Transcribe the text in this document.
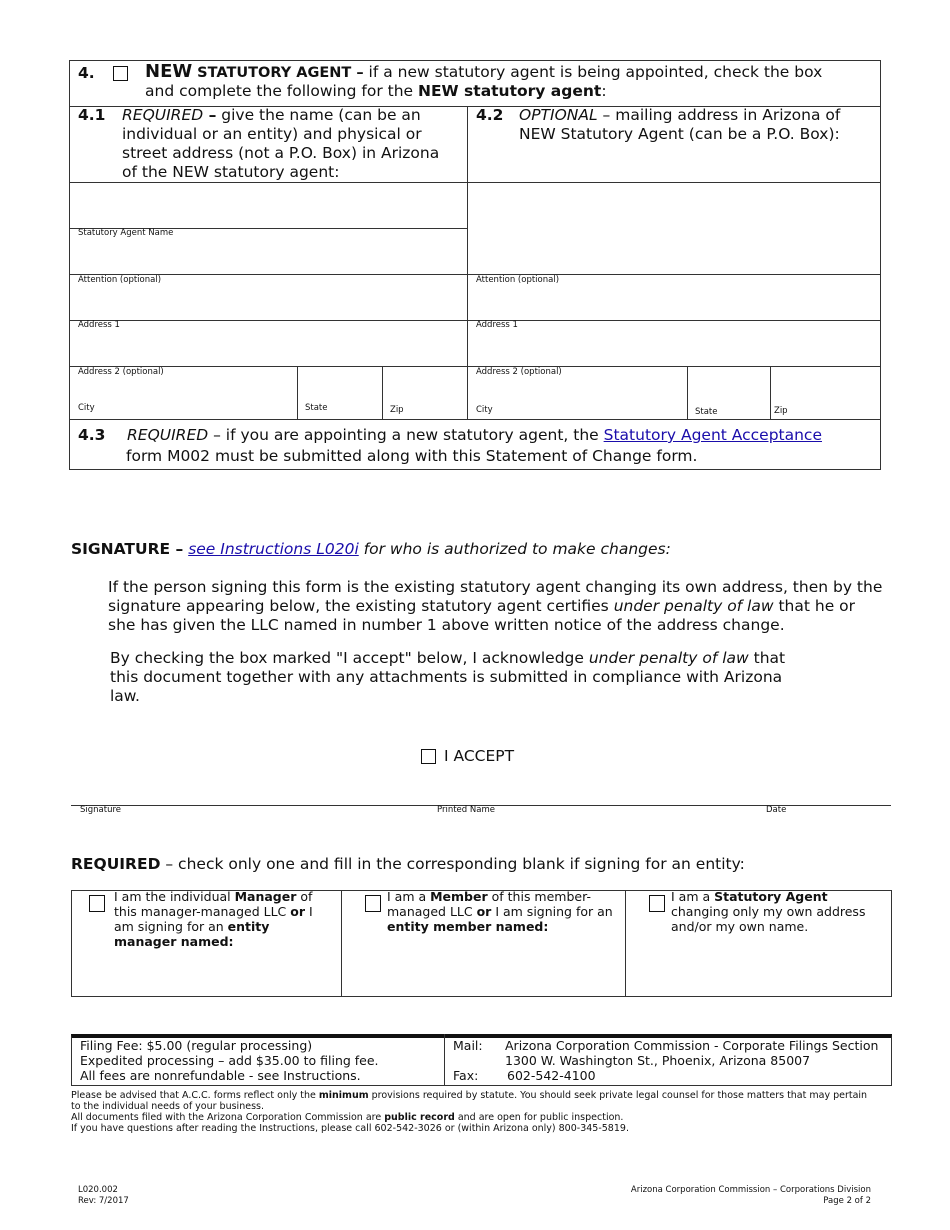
4.	NEW STATUTORY AGENT – if a new statutory agent is being appointed, check the box
and complete the following for the NEW statutory agent:
4.1 REQUIRED – give the name (can be an
individual or an entity) and physical or
street address (not a P.O. Box) in Arizona
of the NEW statutory agent:
4.2 OPTIONAL – mailing address in Arizona of
NEW Statutory Agent (can be a P.O. Box):
Statutory Agent Name
Attention (optional)
Address 1
Address 2 (optional)
City	State	Zip
Attention (optional)
Address 1
Address 2 (optional)
City	State	Zip
4.3 REQUIRED – if you are appointing a new statutory agent, the Statutory Agent Acceptance
form M002 must be submitted along with this Statement of Change form.
SIGNATURE – see Instructions L020i for who is authorized to make changes:
If the person signing this form is the existing statutory agent changing its own address, then by the
signature appearing below, the existing statutory agent certifies under penalty of law that he or
she has given the LLC named in number 1 above written notice of the address change.
By checking the box marked "I accept" below, I acknowledge under penalty of law that
this document together with any attachments is submitted in compliance with Arizona
law.
I ACCEPT
Signature	Printed Name	Date
REQUIRED – check only one and fill in the corresponding blank if signing for an entity:
I am the individual Manager of
this manager-managed LLC or I
am signing for an entity
manager named:
I am a Member of this member-
managed LLC or I am signing for an
entity member named:
I am a Statutory Agent
changing only my own address
and/or my own name.
Filing Fee: $5.00 (regular processing)
Expedited processing – add $35.00 to filing fee.
All fees are nonrefundable - see Instructions.
Mail: Arizona Corporation Commission - Corporate Filings Section
1300 W. Washington St., Phoenix, Arizona 85007
Fax: 602-542-4100
Please be advised that A.C.C. forms reflect only the minimum provisions required by statute. You should seek private legal counsel for those matters that may pertain
to the individual needs of your business.
All documents filed with the Arizona Corporation Commission are public record and are open for public inspection.
If you have questions after reading the Instructions, please call 602-542-3026 or (within Arizona only) 800-345-5819.
L020.002
Rev: 7/2017
Arizona Corporation Commission – Corporations Division
Page 2 of 2
